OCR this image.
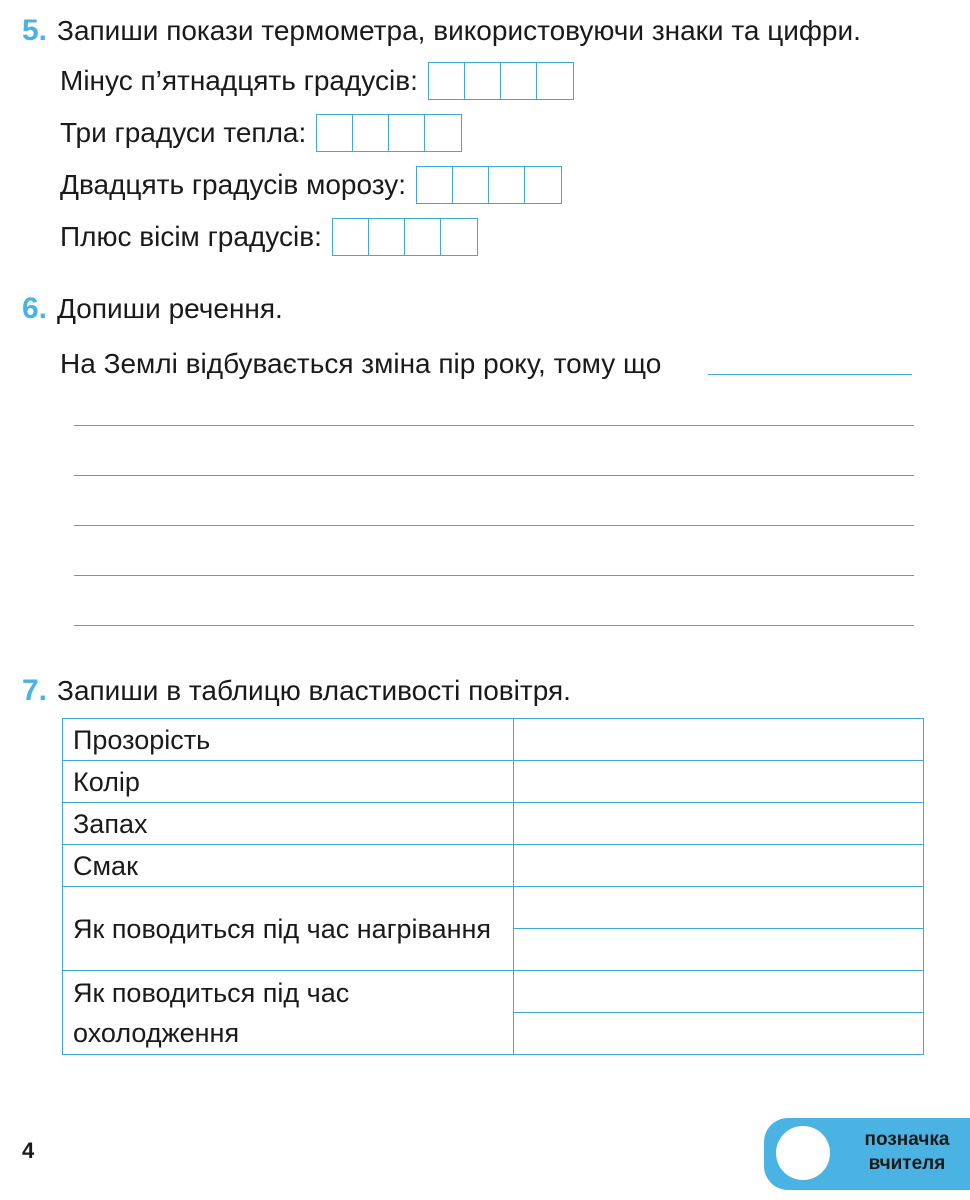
5. Запиши покази термометра, використовуючи знаки та цифри.
Мінус п’ятнадцять градусів:
Три градуси тепла:
Двадцять градусів морозу:
Плюс вісім градусів:
6. Допиши речення.
На Землі відбувається зміна пір року, тому що
7. Запиши в таблицю властивості повітря.
Прозорість	
Колір	
Запах	
Смак	
Як поводиться під час нагрівання	

Як поводиться під час охолодження	

4	позначка вчителя
